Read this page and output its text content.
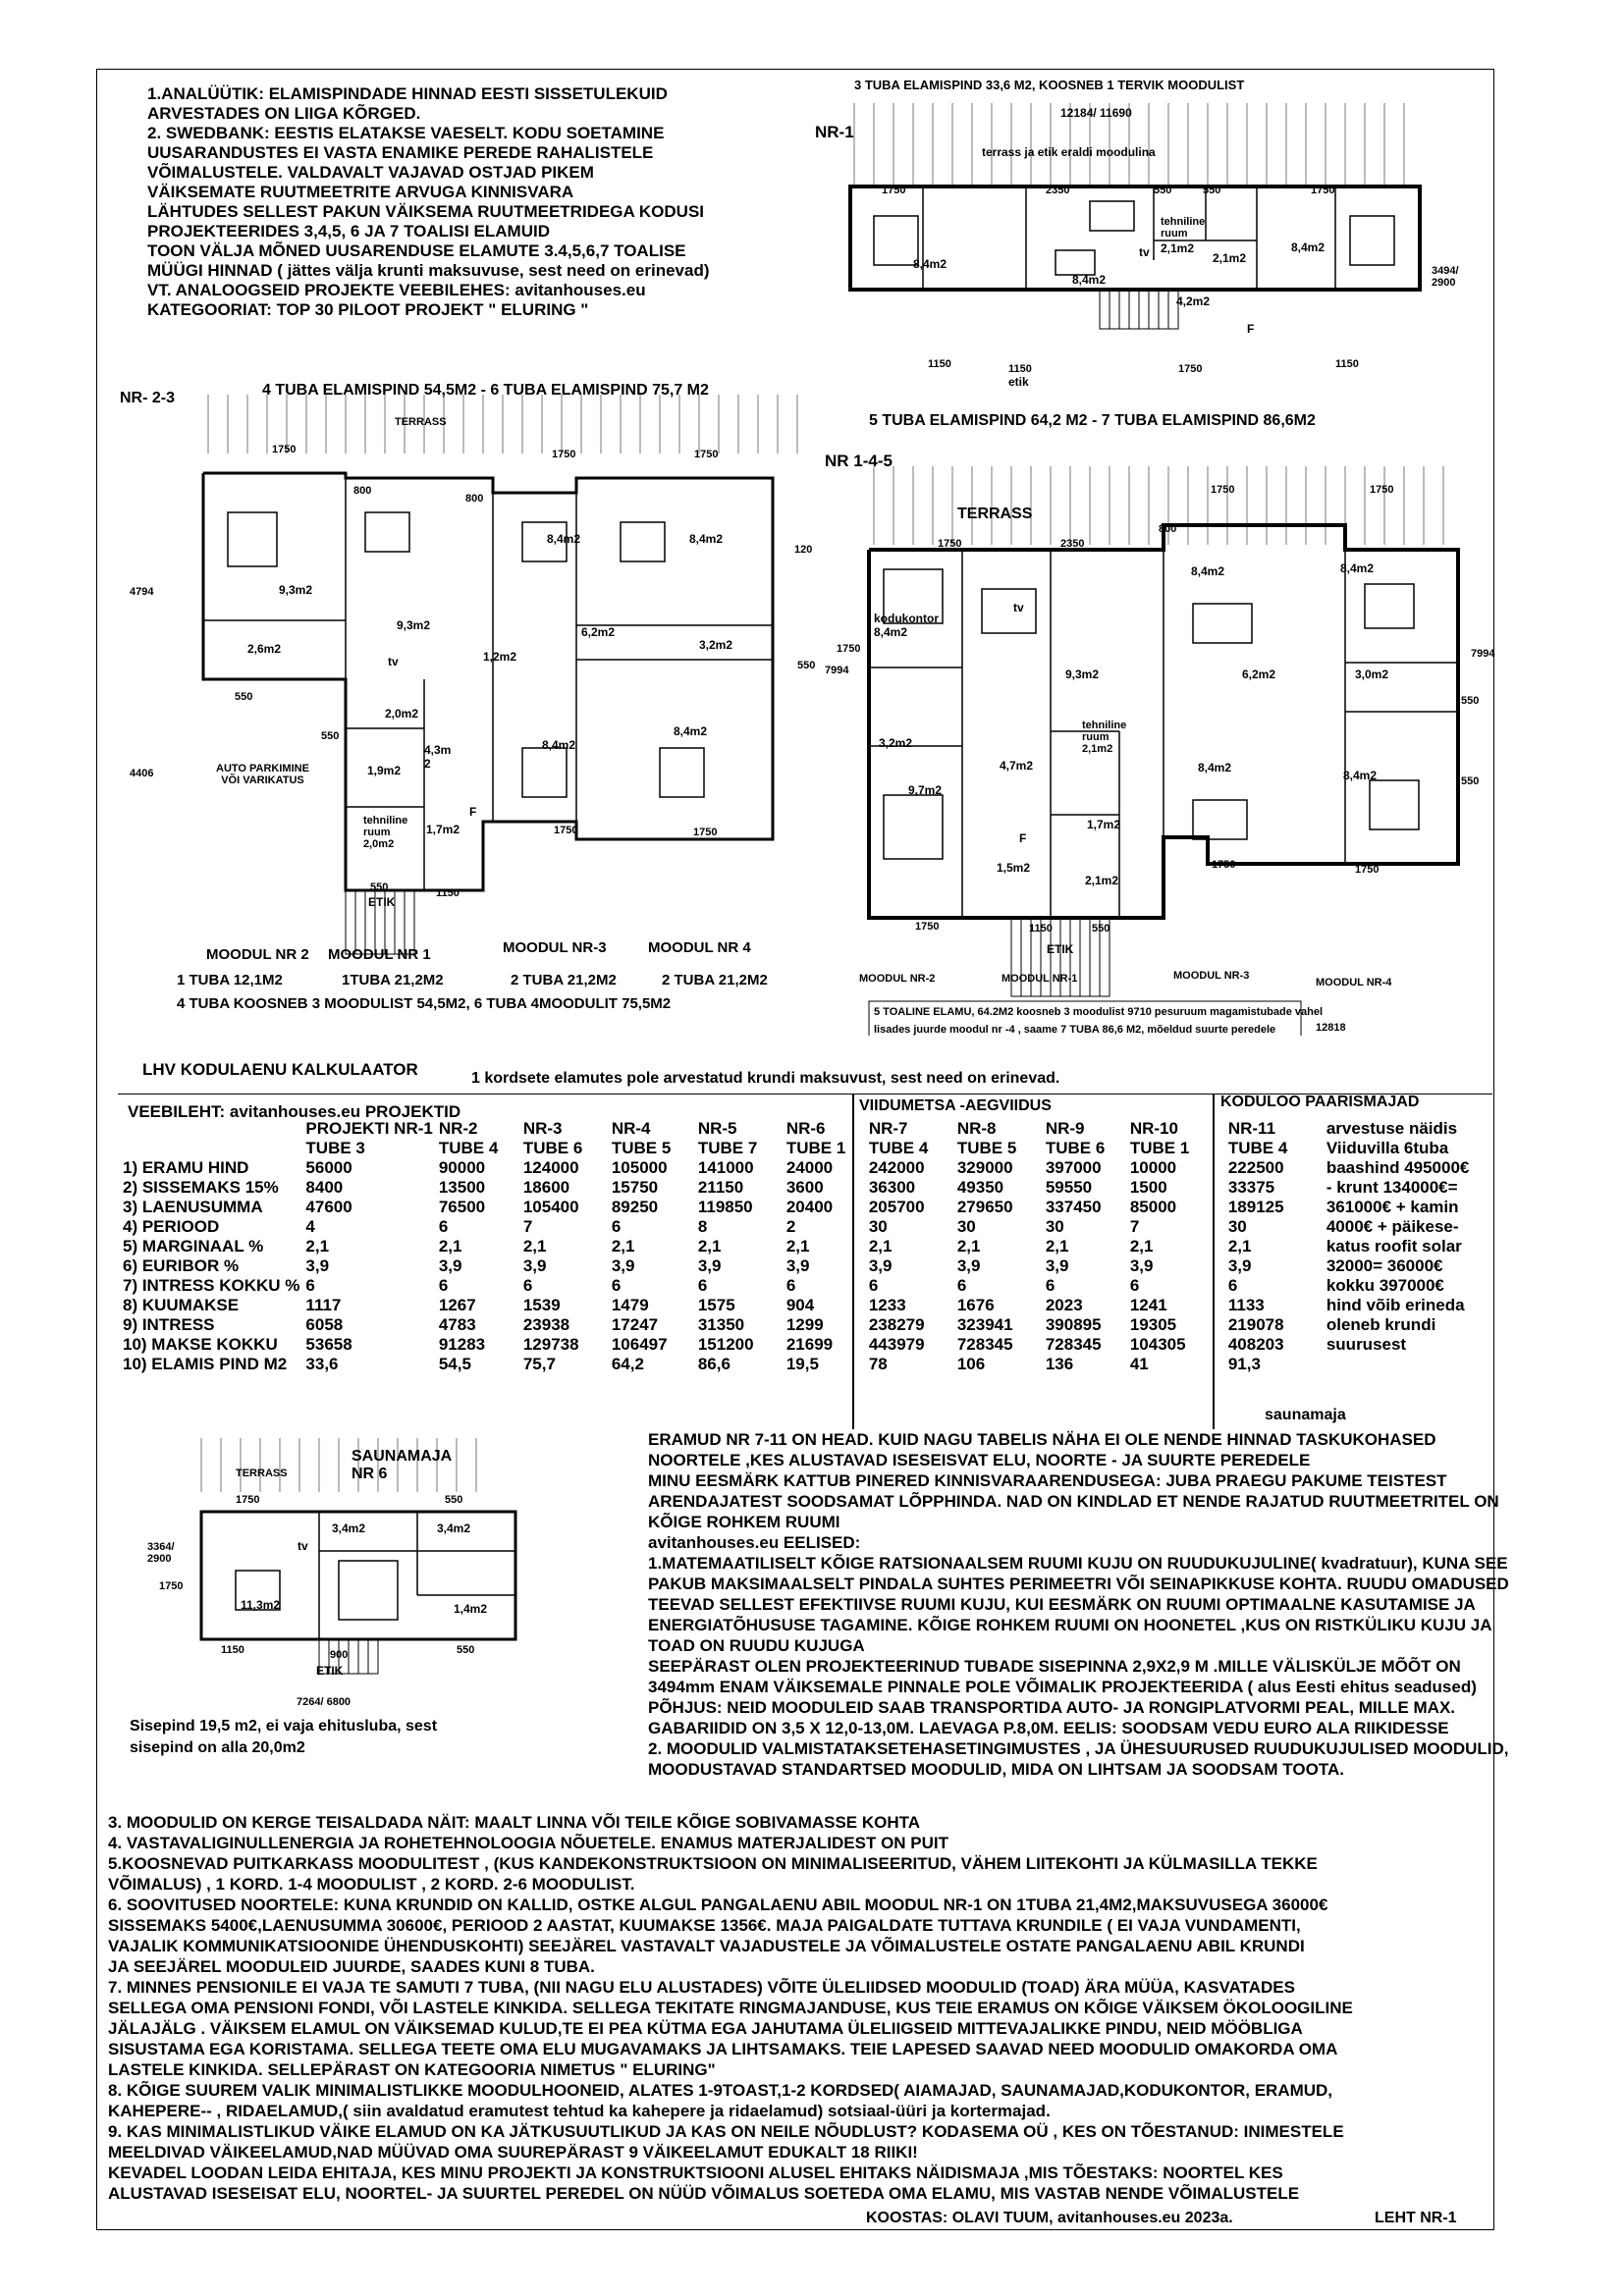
1.ANALÜÜTIK: ELAMISPINDADE HINNAD EESTI SISSETULEKUID
ARVESTADES ON LIIGA KÕRGED.
2. SWEDBANK: EESTIS ELATAKSE VAESELT. KODU SOETAMINE
UUSARANDUSTES EI VASTA ENAMIKE PEREDE RAHALISTELE
VÕIMALUSTELE. VALDAVALT VAJAVAD OSTJAD PIKEM
VÄIKSEMATE RUUTMEETRITE ARVUGA KINNISVARA
LÄHTUDES SELLEST PAKUN VÄIKSEMA RUUTMEETRIDEGA KODUSI
PROJEKTEERIDES 3,4,5, 6 JA 7 TOALISI ELAMUID
TOON VÄLJA MÕNED UUSARENDUSE ELAMUTE 3.4,5,6,7 TOALISE
MÜÜGI HINNAD ( jättes välja krunti maksuvuse, sest need on erinevad)
VT. ANALOOGSEID PROJEKTE VEEBILEHES: avitanhouses.eu
KATEGOORIAT: TOP 30 PILOOT PROJEKT " ELURING "
3 TUBA ELAMISPIND 33,6 M2, KOOSNEB 1 TERVIK MOODULIST
NR-1
12184/ 11690
terrass ja etik eraldi moodulina
1750	2350	550	550	1750
8,4m2
8,4m2
tehniline
ruum
2,1m2
2,1m2
8,4m2
4,2m2
tv
F
3494/
2900
1150	1150	1750	1150
etik
NR- 2-3	4 TUBA ELAMISPIND 54,5M2 - 6 TUBA ELAMISPIND 75,7 M2
TERRASS
1750	1750	1750
800
800
120
4794
4406
9,3m2
9,3m2
2,6m2
1,2m2
6,2m2
8,4m2	8,4m2
8,4m2
8,4m2
3,2m2
2,0m2
1,9m2
4,3m
2
1,7m2
tehniline
ruum
2,0m2
tv
F
550
550
550
550	1150
ETIK
1750	1750
AUTO PARKIMINE
VÕI VARIKATUS
MOODUL NR 2 MOODUL NR 1	MOODUL NR-3	MOODUL NR 4
1 TUBA 12,1M2	1TUBA 21,2M2	2 TUBA 21,2M2	2 TUBA 21,2M2
4 TUBA KOOSNEB 3 MOODULIST 54,5M2, 6 TUBA 4MOODULIT 75,5M2
5 TUBA ELAMISPIND 64,2 M2 - 7 TUBA ELAMISPIND 86,6M2
NR 1-4-5
TERRASS
1750	2350
800
1750	1750
7994
7994
1750
550
550
kodukontor
8,4m2
8,4m2	8,4m2
8,4m2
8,4m2
9,3m2	6,2m2	3,0m2
3,2m2
9,7m2
4,7m2
1,7m2
1,5m2
2,1m2
tehniline
ruum
2,1m2
tv
F
1750	1150	550
1750	1750
ETIK
MOODUL NR-2	MOODUL NR-1	MOODUL NR-3
MOODUL NR-4
5 TOALINE ELAMU, 64.2M2 koosneb 3 moodulist 9710 pesuruum magamistubade vahel
lisades juurde moodul nr -4 , saame 7 TUBA 86,6 M2, mõeldud suurte peredele	12818
LHV KODULAENU KALKULAATOR	1 kordsete elamutes pole arvestatud krundi maksuvust, sest need on erinevad.
VEEBILEHT: avitanhouses.eu PROJEKTID	VIIDUMETSA -AEGVIIDUS	KODULOO PAARISMAJAD
	PROJEKTI NR-1	NR-2	NR-3	NR-4	NR-5	NR-6	NR-7	NR-8	NR-9	NR-10	NR-11	arvestuse näidis
	TUBE 3	TUBE 4	TUBE 6	TUBE 5	TUBE 7	TUBE 1	TUBE 4	TUBE 5	TUBE 6	TUBE 1	TUBE 4	Viiduvilla 6tuba
1) ERAMU HIND	56000	90000	124000	105000	141000	24000	242000	329000	397000	10000	222500	baashind 495000€
2) SISSEMAKS 15%	8400	13500	18600	15750	21150	3600	36300	49350	59550	1500	33375	- krunt 134000€=
3) LAENUSUMMA	47600	76500	105400	89250	119850	20400	205700	279650	337450	85000	189125	361000€ + kamin
4) PERIOOD	4	6	7	6	8	2	30	30	30	7	30	4000€ + päikese-
5) MARGINAAL %	2,1	2,1	2,1	2,1	2,1	2,1	2,1	2,1	2,1	2,1	2,1	katus roofit solar
6) EURIBOR %	3,9	3,9	3,9	3,9	3,9	3,9	3,9	3,9	3,9	3,9	3,9	32000= 36000€
7) INTRESS KOKKU %	6	6	6	6	6	6	6	6	6	6	6	kokku 397000€
8) KUUMAKSE	1117	1267	1539	1479	1575	904	1233	1676	2023	1241	1133	hind võib erineda
9) INTRESS	6058	4783	23938	17247	31350	1299	238279	323941	390895	19305	219078	oleneb krundi
10) MAKSE KOKKU	53658	91283	129738	106497	151200	21699	443979	728345	728345	104305	408203	suurusest
10) ELAMIS PIND M2	33,6	54,5	75,7	64,2	86,6	19,5	78	106	136	41	91,3	
saunamaja
SAUNAMAJA
NR 6
TERRASS
1750	550
3364/
2900
1750
3,4m2	3,4m2
11,3m2	1,4m2
tv
1150	900	550
ETIK
7264/ 6800
Sisepind 19,5 m2, ei vaja ehitusluba, sest
sisepind on alla 20,0m2
ERAMUD NR 7-11 ON HEAD. KUID NAGU TABELIS NÄHA EI OLE NENDE HINNAD TASKUKOHASED
NOORTELE ,KES ALUSTAVAD ISESEISVAT ELU, NOORTE - JA SUURTE PEREDELE
MINU EESMÄRK KATTUB PINERED KINNISVARAARENDUSEGA: JUBA PRAEGU PAKUME TEISTEST
ARENDAJATEST SOODSAMAT LÕPPHINDA. NAD ON KINDLAD ET NENDE RAJATUD RUUTMEETRITEL ON
KÕIGE ROHKEM RUUMI
avitanhouses.eu EELISED:
1.MATEMAATILISELT KÕIGE RATSIONAALSEM RUUMI KUJU ON RUUDUKUJULINE( kvadratuur), KUNA SEE
PAKUB MAKSIMAALSELT PINDALA SUHTES PERIMEETRI VÕI SEINAPIKKUSE KOHTA. RUUDU OMADUSED
TEEVAD SELLEST EFEKTIIVSE RUUMI KUJU, KUI EESMÄRK ON RUUMI OPTIMAALNE KASUTAMISE JA
ENERGIATÕHUSUSE TAGAMINE. KÕIGE ROHKEM RUUMI ON HOONETEL ,KUS ON RISTKÜLIKU KUJU JA
TOAD ON RUUDU KUJUGA
SEEPÄRAST OLEN PROJEKTEERINUD TUBADE SISEPINNA 2,9X2,9 M .MILLE VÄLISKÜLJE MÕÕT ON
3494mm ENAM VÄIKSEMALE PINNALE POLE VÕIMALIK PROJEKTEERIDA ( alus Eesti ehitus seadused)
PÕHJUS: NEID MOODULEID SAAB TRANSPORTIDA AUTO- JA RONGIPLATVORMI PEAL, MILLE MAX.
GABARIIDID ON 3,5 X 12,0-13,0M. LAEVAGA P.8,0M. EELIS: SOODSAM VEDU EURO ALA RIIKIDESSE
2. MOODULID VALMISTATAKSETEHASETINGIMUSTES , JA ÜHESUURUSED RUUDUKUJULISED MOODULID,
MOODUSTAVAD STANDARTSED MOODULID, MIDA ON LIHTSAM JA SOODSAM TOOTA.
3. MOODULID ON KERGE TEISALDADA NÄIT: MAALT LINNA VÕI TEILE KÕIGE SOBIVAMASSE KOHTA
4. VASTAVALIGINULLENERGIA JA ROHETEHNOLOOGIA NÕUETELE. ENAMUS MATERJALIDEST ON PUIT
5.KOOSNEVAD PUITKARKASS MOODULITEST , (KUS KANDEKONSTRUKTSIOON ON MINIMALISEERITUD, VÄHEM LIITEKOHTI JA KÜLMASILLA TEKKE
VÕIMALUS) , 1 KORD. 1-4 MOODULIST , 2 KORD. 2-6 MOODULIST.
6. SOOVITUSED NOORTELE: KUNA KRUNDID ON KALLID, OSTKE ALGUL PANGALAENU ABIL MOODUL NR-1 ON 1TUBA 21,4M2,MAKSUVUSEGA 36000€
SISSEMAKS 5400€,LAENUSUMMA 30600€, PERIOOD 2 AASTAT, KUUMAKSE 1356€. MAJA PAIGALDATE TUTTAVA KRUNDILE ( EI VAJA VUNDAMENTI,
VAJALIK KOMMUNIKATSIOONIDE ÜHENDUSKOHTI) SEEJÄREL VASTAVALT VAJADUSTELE JA VÕIMALUSTELE OSTATE PANGALAENU ABIL KRUNDI
JA SEEJÄREL MOODULEID JUURDE, SAADES KUNI 8 TUBA.
7. MINNES PENSIONILE EI VAJA TE SAMUTI 7 TUBA, (NII NAGU ELU ALUSTADES) VÕITE ÜLELIIDSED MOODULID (TOAD) ÄRA MÜÜA, KASVATADES
SELLEGA OMA PENSIONI FONDI, VÕI LASTELE KINKIDA. SELLEGA TEKITATE RINGMAJANDUSE, KUS TEIE ERAMUS ON KÕIGE VÄIKSEM ÖKOLOOGILINE
JÄLAJÄLG . VÄIKSEM ELAMUL ON VÄIKSEMAD KULUD,TE EI PEA KÜTMA EGA JAHUTAMA ÜLELIIGSEID MITTEVAJALIKKE PINDU, NEID MÖÖBLIGA
SISUSTAMA EGA KORISTAMA. SELLEGA TEETE OMA ELU MUGAVAMAKS JA LIHTSAMAKS. TEIE LAPESED SAAVAD NEED MOODULID OMAKORDA OMA
LASTELE KINKIDA. SELLEPÄRAST ON KATEGOORIA NIMETUS " ELURING"
8. KÕIGE SUUREM VALIK MINIMALISTLIKKE MOODULHOONEID, ALATES 1-9TOAST,1-2 KORDSED( AIAMAJAD, SAUNAMAJAD,KODUKONTOR, ERAMUD,
KAHEPERE-- , RIDAELAMUD,( siin avaldatud eramutest tehtud ka kahepere ja ridaelamud) sotsiaal-üüri ja kortermajad.
9. KAS MINIMALISTLIKUD VÄIKE ELAMUD ON KA JÄTKUSUUTLIKUD JA KAS ON NEILE NÕUDLUST? KODASEMA OÜ , KES ON TÕESTANUD: INIMESTELE
MEELDIVAD VÄIKEELAMUD,NAD MÜÜVAD OMA SUUREPÄRAST 9 VÄIKEELAMUT EDUKALT 18 RIIKI!
KEVADEL LOODAN LEIDA EHITAJA, KES MINU PROJEKTI JA KONSTRUKTSIOONI ALUSEL EHITAKS NÄIDISMAJA ,MIS TÕESTAKS: NOORTEL KES
ALUSTAVAD ISESEISAT ELU, NOORTEL- JA SUURTEL PEREDEL ON NÜÜD VÕIMALUS SOETEDA OMA ELAMU, MIS VASTAB NENDE VÕIMALUSTELE
KOOSTAS: OLAVI TUUM, avitanhouses.eu 2023a.	LEHT NR-1
